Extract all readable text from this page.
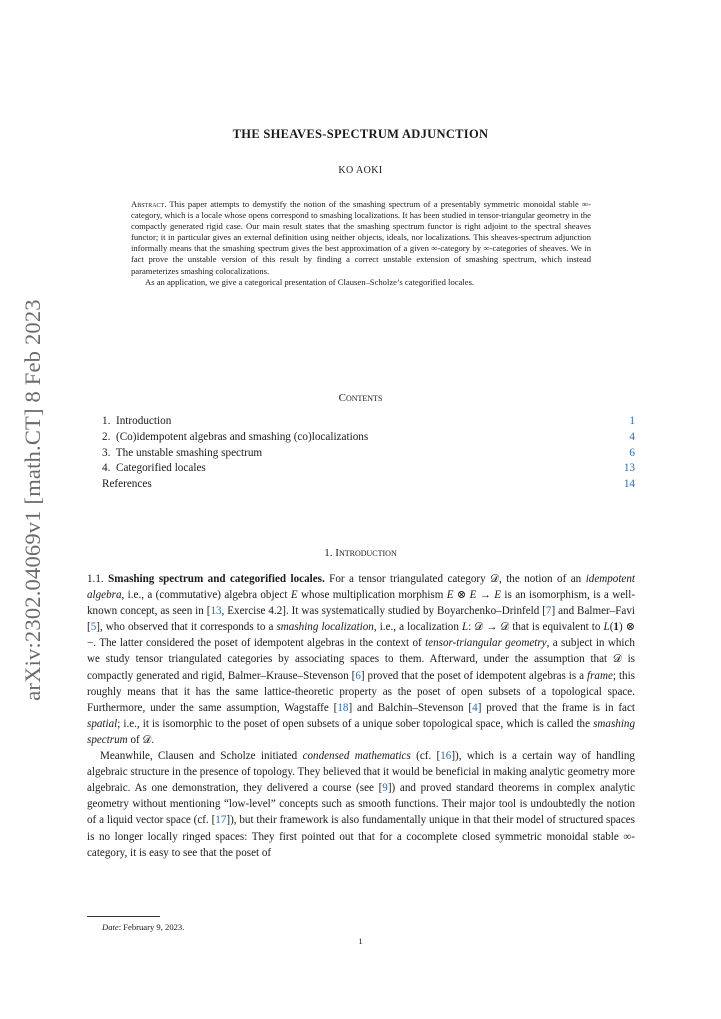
arXiv:2302.04069v1 [math.CT] 8 Feb 2023
THE SHEAVES-SPECTRUM ADJUNCTION
KO AOKI

Abstract. This paper attempts to demystify the notion of the smashing spectrum of a presentably symmetric monoidal stable ∞-category, which is a locale whose opens correspond to smashing localizations. It has been studied in tensor-triangular geometry in the compactly generated rigid case. Our main result states that the smashing spectrum functor is right adjoint to the spectral sheaves functor; it in particular gives an external definition using neither objects, ideals, nor localizations. This sheaves-spectrum adjunction informally means that the smashing spectrum gives the best approximation of a given ∞-category by ∞-categories of sheaves. We in fact prove the unstable version of this result by finding a correct unstable extension of smashing spectrum, which instead parameterizes smashing colocalizations.

As an application, we give a categorical presentation of Clausen–Scholze’s categorified locales.

Contents
1. Introduction	1
2. (Co)idempotent algebras and smashing (co)localizations	4
3. The unstable smashing spectrum	6
4. Categorified locales	13
References	14
1. Introduction

1.1. Smashing spectrum and categorified locales. For a tensor triangulated category 𝒟, the notion of an idempotent algebra, i.e., a (commutative) algebra object E whose multiplication morphism E ⊗ E → E is an isomorphism, is a well-known concept, as seen in [13, Exercise 4.2]. It was systematically studied by Boyarchenko–Drinfeld [7] and Balmer–Favi [5], who observed that it corresponds to a smashing localization, i.e., a localization L: 𝒟 → 𝒟 that is equivalent to L(1) ⊗ −. The latter considered the poset of idempotent algebras in the context of tensor-triangular geometry, a subject in which we study tensor triangulated categories by associating spaces to them. Afterward, under the assumption that 𝒟 is compactly generated and rigid, Balmer–Krause–Stevenson [6] proved that the poset of idempotent algebras is a frame; this roughly means that it has the same lattice-theoretic property as the poset of open subsets of a topological space. Furthermore, under the same assumption, Wagstaffe [18] and Balchin–Stevenson [4] proved that the frame is in fact spatial; i.e., it is isomorphic to the poset of open subsets of a unique sober topological space, which is called the smashing spectrum of 𝒟.

Meanwhile, Clausen and Scholze initiated condensed mathematics (cf. [16]), which is a certain way of handling algebraic structure in the presence of topology. They believed that it would be beneficial in making analytic geometry more algebraic. As one demonstration, they delivered a course (see [9]) and proved standard theorems in complex analytic geometry without mentioning “low-level” concepts such as smooth functions. Their major tool is undoubtedly the notion of a liquid vector space (cf. [17]), but their framework is also fundamentally unique in that their model of structured spaces is no longer locally ringed spaces: They first pointed out that for a cocomplete closed symmetric monoidal stable ∞-category, it is easy to see that the poset of

Date: February 9, 2023.
1
